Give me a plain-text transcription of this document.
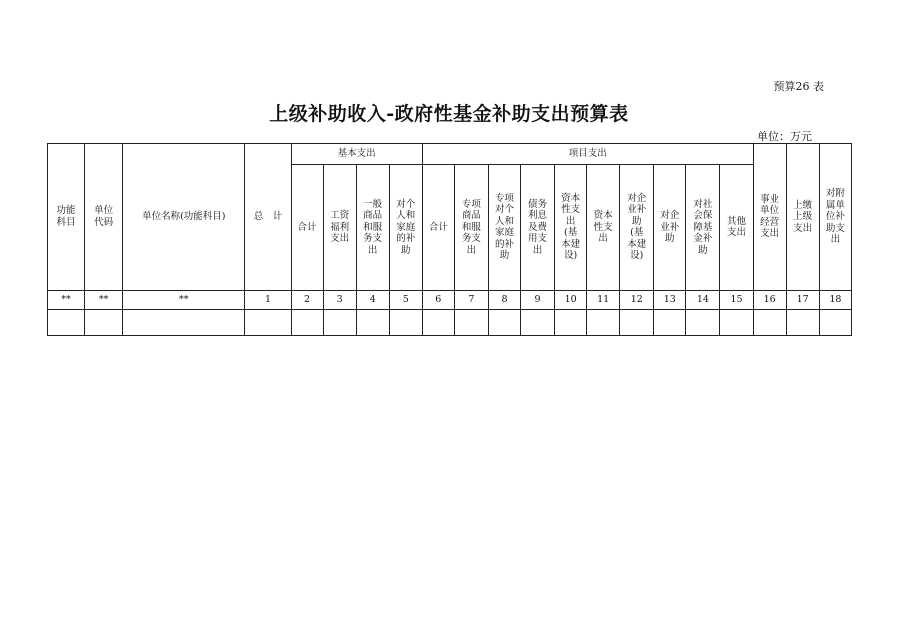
预算26 表
上级补助收入-政府性基金补助支出预算表
单位：万元
功能科目	单位代码	单位名称(功能科目)	总　计	基本支出				项目支出										事业单位经营支出	上缴上级支出	对附属单位补助支出
				合计	工资福利支出	一般商品和服务支出	对个人和家庭的补助	合计	专项商品和服务支出	专项对个人和家庭的补助	债务利息及费用支出	资本性支出(基本建设)	资本性支出	对企业补助(基本建设)	对企业补助	对社会保障基金补助	其他支出			
**	**	**	1	2	3	4	5	6	7	8	9	10	11	12	13	14	15	16	17	18
